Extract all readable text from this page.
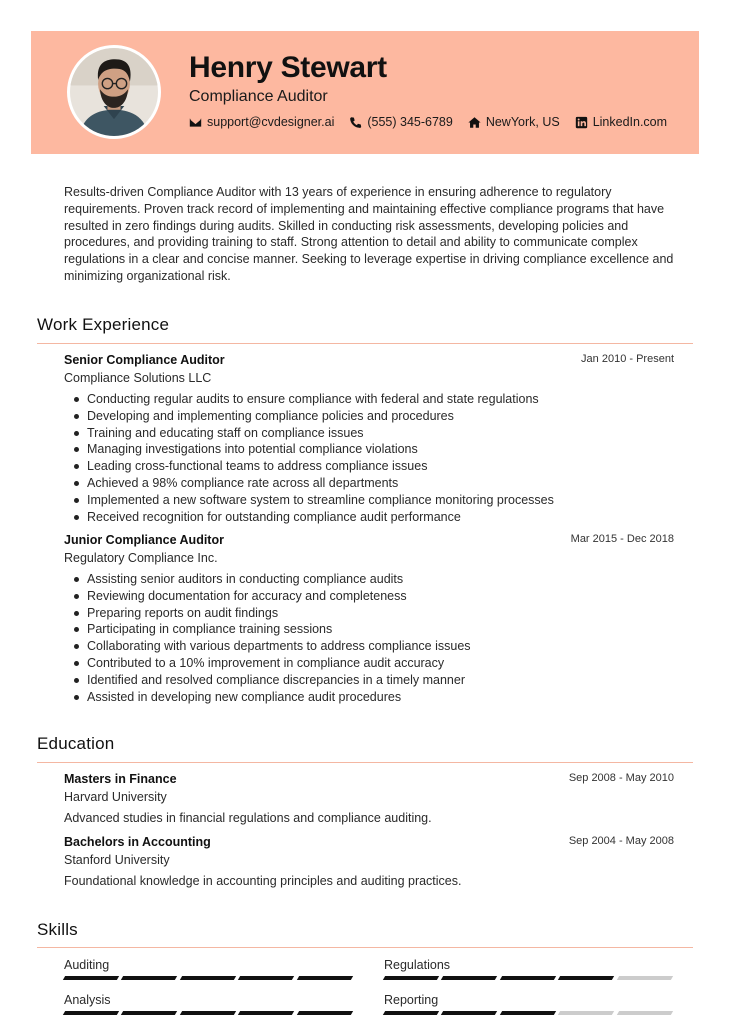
Henry Stewart
Compliance Auditor
support@cvdesigner.ai	(555) 345-6789	NewYork, US	LinkedIn.com

Results-driven Compliance Auditor with 13 years of experience in ensuring adherence to regulatory requirements. Proven track record of implementing and maintaining effective compliance programs that have resulted in zero findings during audits. Skilled in conducting risk assessments, developing policies and procedures, and providing training to staff. Strong attention to detail and ability to communicate complex regulations in a clear and concise manner. Seeking to leverage expertise in driving compliance excellence and minimizing organizational risk.

Work Experience
Senior Compliance Auditor	Jan 2010 - Present
Compliance Solutions LLC
Conducting regular audits to ensure compliance with federal and state regulations
Developing and implementing compliance policies and procedures
Training and educating staff on compliance issues
Managing investigations into potential compliance violations
Leading cross-functional teams to address compliance issues
Achieved a 98% compliance rate across all departments
Implemented a new software system to streamline compliance monitoring processes
Received recognition for outstanding compliance audit performance
Junior Compliance Auditor	Mar 2015 - Dec 2018
Regulatory Compliance Inc.
Assisting senior auditors in conducting compliance audits
Reviewing documentation for accuracy and completeness
Preparing reports on audit findings
Participating in compliance training sessions
Collaborating with various departments to address compliance issues
Contributed to a 10% improvement in compliance audit accuracy
Identified and resolved compliance discrepancies in a timely manner
Assisted in developing new compliance audit procedures
Education
Masters in Finance	Sep 2008 - May 2010
Harvard University
Advanced studies in financial regulations and compliance auditing.
Bachelors in Accounting	Sep 2004 - May 2008
Stanford University
Foundational knowledge in accounting principles and auditing practices.
Skills
Auditing	Regulations
Analysis	Reporting
